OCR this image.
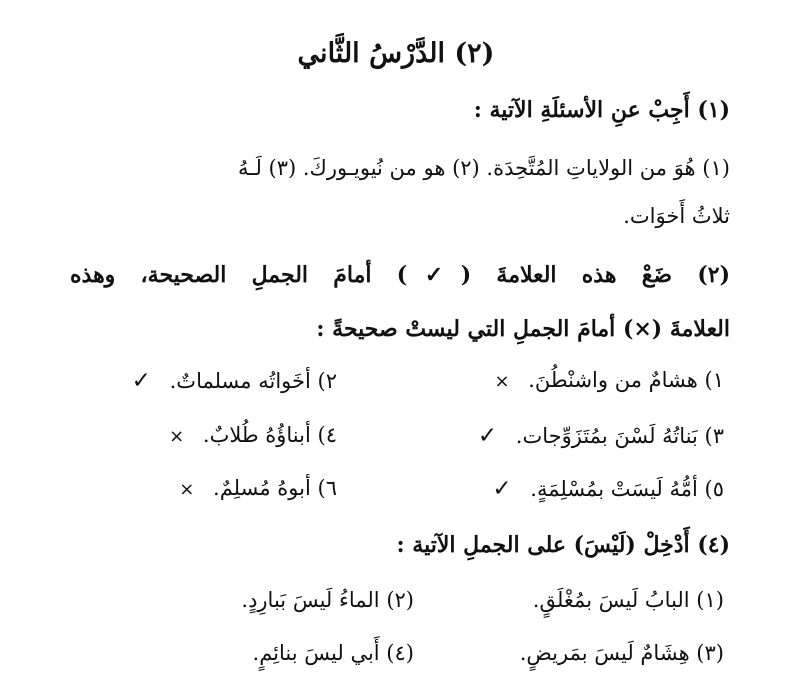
(٢) الدَّرْسُ الثَّاني
(١) أَجِبْ عنِ الأسئلَةِ الآتية :
(١) هُوَ من الولاياتِ المُتَّحِدَة. (٢) هو من نُيويـوركَ. (٣) لَـهُ
ثلاثُ أَخوَات.
(٢) ضَعْ هذه العلامةَ (✓) أمامَ الجملِ الصحيحة، وهذه
العلامةَ (×) أمامَ الجملِ التي ليستْ صحيحةً :
١) هشامٌ من واشنْطُنَ. ×
٢) أخَواتُه مسلماتٌ. ✓
٣) بَناتُهُ لَسْنَ بمُتَزَوِّجات. ✓
٤) أبناؤُهُ طُلابٌ. ×
٥) أمُّهُ لَيسَتْ بمُسْلِمَةٍ. ✓
٦) أبوهُ مُسلِمٌ. ×
(٤) أَدْخِلْ (لَيْسَ) على الجملِ الآتية :
(١) البابُ لَيسَ بمُغْلَقٍ.
(٢) الماءُ لَيسَ بَبارِدٍ.
(٣) هِشَامٌ لَيسَ بمَريضٍ.
(٤) أَبي ليسَ بنائِمٍ.
